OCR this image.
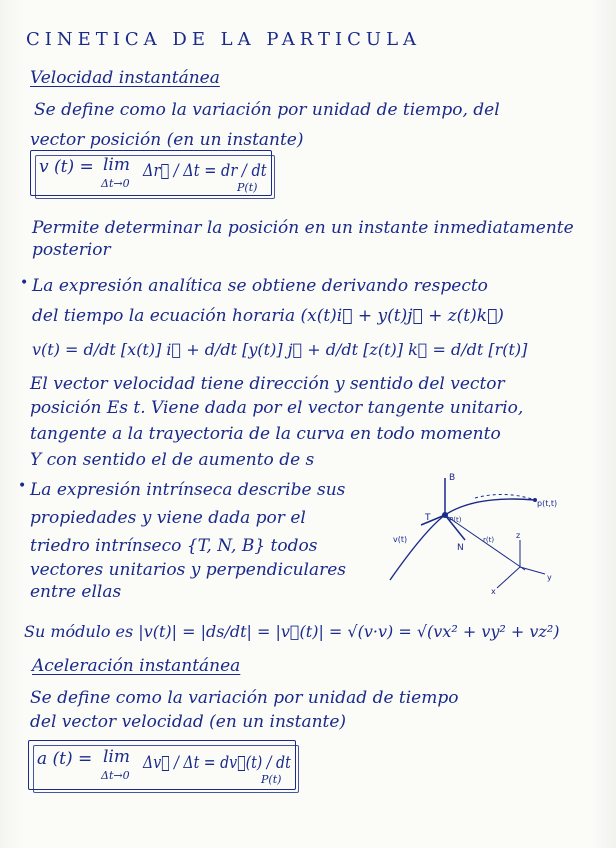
CINETICA DE LA PARTICULA
Velocidad instantánea
Se define como la variación por unidad de tiempo, del
vector posición (en un instante)
v (t) = lim
Δt→0
Δr⃗ / Δt = dr / dt
P(t)
Permite determinar la posición en un instante inmediatamente
posterior
• La expresión analítica se obtiene derivando respecto
del tiempo la ecuación horaria (x(t)i⃗ + y(t)j⃗ + z(t)k⃗)
v(t) = d/dt [x(t)] i⃗ + d/dt [y(t)] j⃗ + d/dt [z(t)] k⃗ = d/dt [r(t)]
El vector velocidad tiene dirección y sentido del vector
posición Es t. Viene dada por el vector tangente unitario,
tangente a la trayectoria de la curva en todo momento
Y con sentido el de aumento de s
• La expresión intrínseca describe sus
propiedades y viene dada por el
triedro intrínseco {T, N, B} todos
vectores unitarios y perpendiculares
entre ellas
B
T
N
v(t)
P(t)
p(t,t)
r(t)
x
y
z
Su módulo es |v(t)| = |ds/dt| = |v⃗(t)| = √(v·v) = √(vx² + vy² + vz²)
Aceleración instantánea
Se define como la variación por unidad de tiempo
del vector velocidad (en un instante)
a (t) = lim
Δt→0
Δv⃗ / Δt = dv⃗(t) / dt
P(t)
